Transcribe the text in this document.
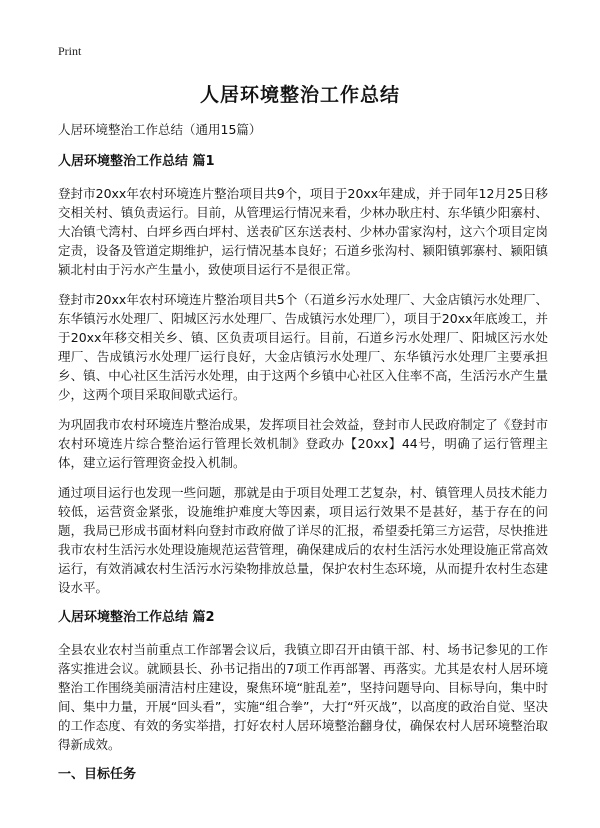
Print
人居环境整治工作总结

人居环境整治工作总结（通用15篇）

人居环境整治工作总结 篇1

登封市20xx年农村环境连片整治项目共9个，项目于20xx年建成，并于同年12月25日移交相关村、镇负责运行。目前，从管理运行情况来看，少林办耿庄村、东华镇少阳寨村、大冶镇弋湾村、白坪乡西白坪村、送表矿区东送表村、少林办雷家沟村，这六个项目定岗定责，设备及管道定期维护，运行情况基本良好；石道乡张沟村、颍阳镇郭寨村、颍阳镇颍北村由于污水产生量小，致使项目运行不是很正常。

登封市20xx年农村环境连片整治项目共5个（石道乡污水处理厂、大金店镇污水处理厂、东华镇污水处理厂、阳城区污水处理厂、告成镇污水处理厂），项目于20xx年底竣工，并于20xx年移交相关乡、镇、区负责项目运行。目前，石道乡污水处理厂、阳城区污水处理厂、告成镇污水处理厂运行良好，大金店镇污水处理厂、东华镇污水处理厂主要承担乡、镇、中心社区生活污水处理，由于这两个乡镇中心社区入住率不高，生活污水产生量少，这两个项目采取间歇式运行。

为巩固我市农村环境连片整治成果，发挥项目社会效益，登封市人民政府制定了《登封市农村环境连片综合整治运行管理长效机制》登政办【20xx】44号，明确了运行管理主体，建立运行管理资金投入机制。

通过项目运行也发现一些问题，那就是由于项目处理工艺复杂，村、镇管理人员技术能力较低，运营资金紧张，设施维护难度大等因素，项目运行效果不是甚好，基于存在的问题，我局已形成书面材料向登封市政府做了详尽的汇报，希望委托第三方运营，尽快推进我市农村生活污水处理设施规范运营管理，确保建成后的农村生活污水处理设施正常高效运行，有效消减农村生活污水污染物排放总量，保护农村生态环境，从而提升农村生态建设水平。

人居环境整治工作总结 篇2

全县农业农村当前重点工作部署会议后，我镇立即召开由镇干部、村、场书记参见的工作落实推进会议。就顾县长、孙书记指出的7项工作再部署、再落实。尤其是农村人居环境整治工作围绕美丽清洁村庄建设，聚焦环境“脏乱差”，坚持问题导向、目标导向，集中时间、集中力量，开展“回头看”，实施“组合拳”，大打“歼灭战”，以高度的政治自觉、坚决的工作态度、有效的务实举措，打好农村人居环境整治翻身仗，确保农村人居环境整治取得新成效。

一、目标任务
